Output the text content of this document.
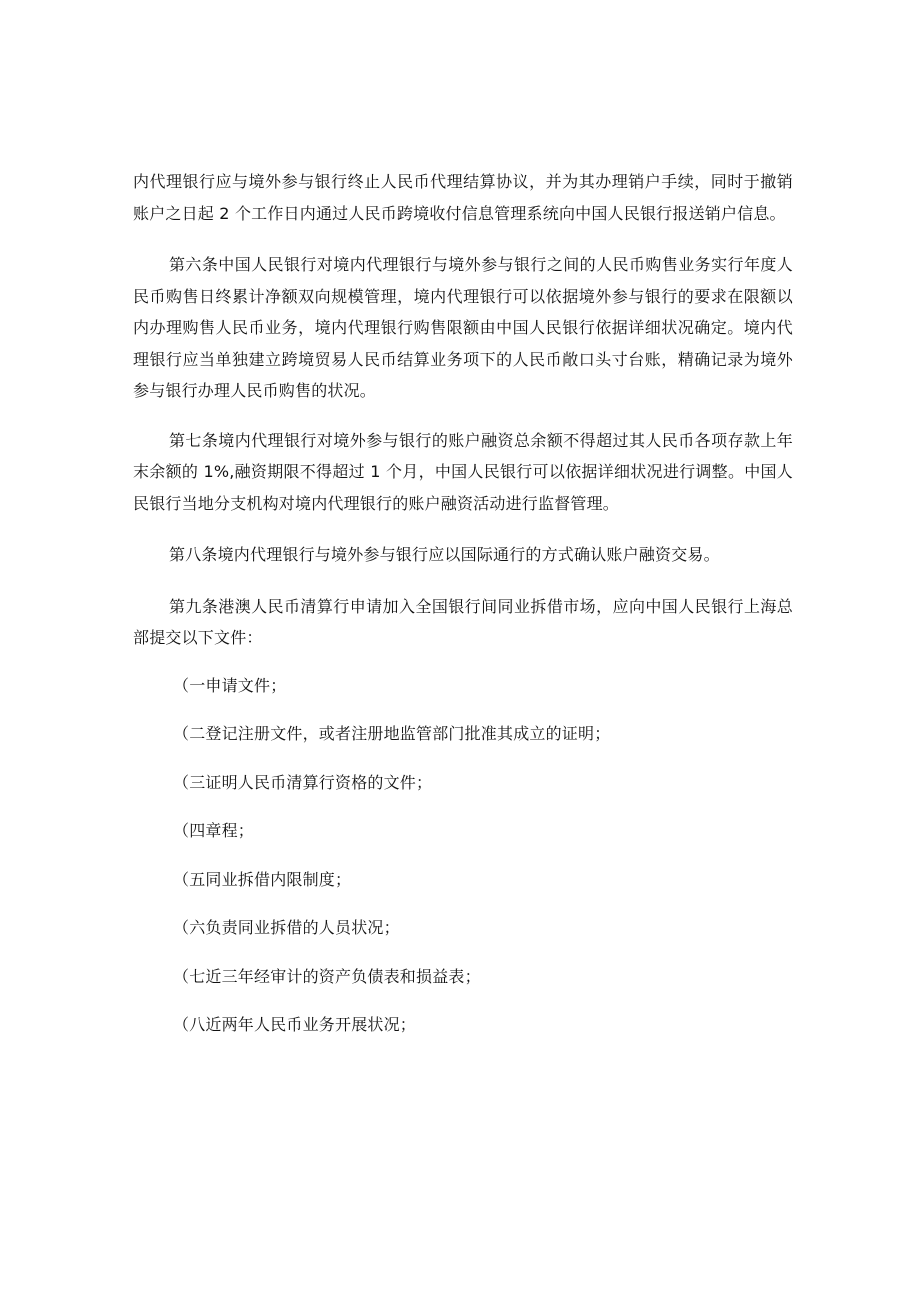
内代理银行应与境外参与银行终止人民币代理结算协议，并为其办理销户手续，同时于撤销账户之日起 2 个工作日内通过人民币跨境收付信息管理系统向中国人民银行报送销户信息。

第六条中国人民银行对境内代理银行与境外参与银行之间的人民币购售业务实行年度人民币购售日终累计净额双向规模管理，境内代理银行可以依据境外参与银行的要求在限额以内办理购售人民币业务，境内代理银行购售限额由中国人民银行依据详细状况确定。境内代理银行应当单独建立跨境贸易人民币结算业务项下的人民币敞口头寸台账，精确记录为境外参与银行办理人民币购售的状况。

第七条境内代理银行对境外参与银行的账户融资总余额不得超过其人民币各项存款上年末余额的 1%,融资期限不得超过 1 个月，中国人民银行可以依据详细状况进行调整。中国人民银行当地分支机构对境内代理银行的账户融资活动进行监督管理。

第八条境内代理银行与境外参与银行应以国际通行的方式确认账户融资交易。

第九条港澳人民币清算行申请加入全国银行间同业拆借市场，应向中国人民银行上海总部提交以下文件：

（一申请文件；

（二登记注册文件，或者注册地监管部门批准其成立的证明；

（三证明人民币清算行资格的文件；

（四章程；

（五同业拆借内限制度；

（六负责同业拆借的人员状况；

（七近三年经审计的资产负债表和损益表；

（八近两年人民币业务开展状况；
